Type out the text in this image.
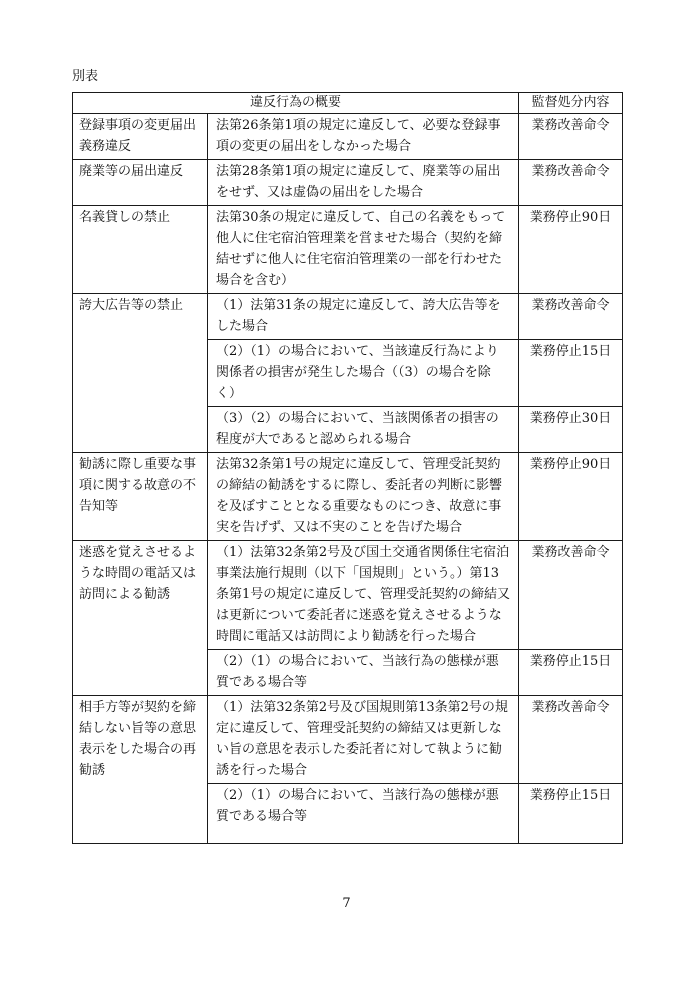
別表
違反行為の概要		監督処分内容
登録事項の変更届出義務違反	法第26条第1項の規定に違反して、必要な登録事項の変更の届出をしなかった場合	業務改善命令
廃業等の届出違反	法第28条第1項の規定に違反して、廃業等の届出をせず、又は虚偽の届出をした場合	業務改善命令
名義貸しの禁止	法第30条の規定に違反して、自己の名義をもって他人に住宅宿泊管理業を営ませた場合（契約を締結せずに他人に住宅宿泊管理業の一部を行わせた場合を含む）	業務停止90日
誇大広告等の禁止	（1）法第31条の規定に違反して、誇大広告等をした場合	業務改善命令
	（2）（1）の場合において、当該違反行為により関係者の損害が発生した場合（（3）の場合を除く）	業務停止15日
	（3）（2）の場合において、当該関係者の損害の程度が大であると認められる場合	業務停止30日
勧誘に際し重要な事項に関する故意の不告知等	法第32条第1号の規定に違反して、管理受託契約の締結の勧誘をするに際し、委託者の判断に影響を及ぼすこととなる重要なものにつき、故意に事実を告げず、又は不実のことを告げた場合	業務停止90日
迷惑を覚えさせるような時間の電話又は訪問による勧誘	（1）法第32条第2号及び国土交通省関係住宅宿泊事業法施行規則（以下「国規則」という。）第13条第1号の規定に違反して、管理受託契約の締結又は更新について委託者に迷惑を覚えさせるような時間に電話又は訪問により勧誘を行った場合	業務改善命令
	（2）（1）の場合において、当該行為の態様が悪質である場合等	業務停止15日
相手方等が契約を締結しない旨等の意思表示をした場合の再勧誘	（1）法第32条第2号及び国規則第13条第2号の規定に違反して、管理受託契約の締結又は更新しない旨の意思を表示した委託者に対して執ように勧誘を行った場合	業務改善命令
	（2）（1）の場合において、当該行為の態様が悪質である場合等	業務停止15日
7
